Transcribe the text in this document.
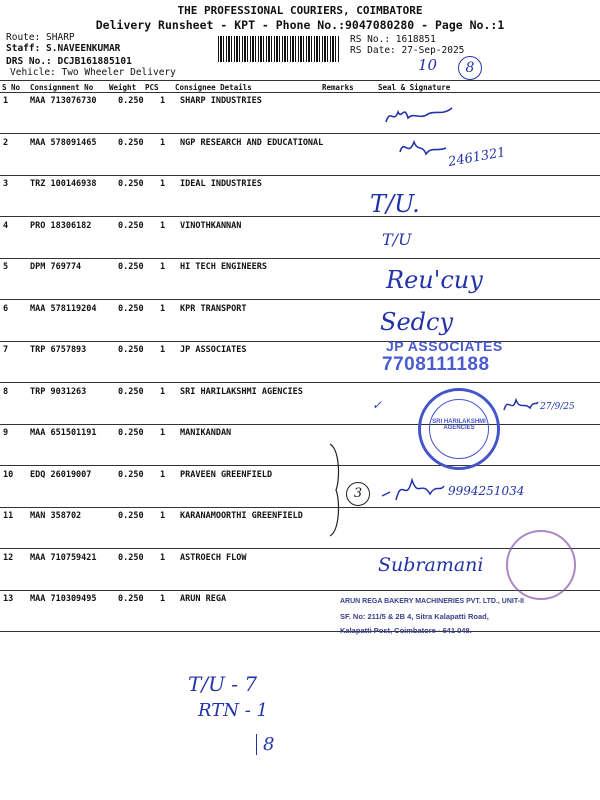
THE PROFESSIONAL COURIERS, COIMBATORE
Delivery Runsheet - KPT - Phone No.:9047080280 - Page No.:1
Route: SHARP
Staff: S.NAVEENKUMAR
DRS No.: DCJB161885101
Vehicle: Two Wheeler Delivery
RS No.: 1618851
RS Date: 27-Sep-2025
10	8
S No Consignment No Weight PCS Consignee Details	Remarks	Seal & Signature
1	MAA 713076730	0.250 1 SHARP INDUSTRIES
2	MAA 578091465	0.250 1 NGP RESEARCH AND EDUCATIONAL
3	TRZ 100146938	0.250 1 IDEAL INDUSTRIES
4	PRO 18306182	0.250 1 VINOTHKANNAN
5	DPM 769774	0.250 1 HI TECH ENGINEERS
6	MAA 578119204	0.250 1 KPR TRANSPORT
7	TRP 6757893	0.250 1 JP ASSOCIATES
8	TRP 9031263	0.250 1 SRI HARILAKSHMI AGENCIES
9	MAA 651501191	0.250 1 MANIKANDAN
10 EDQ 26019007	0.250 1 PRAVEEN GREENFIELD
11 MAN 358702	0.250 1 KARANAMOORTHI GREENFIELD
12 MAA 710759421	0.250 1 ASTROECH FLOW
13 MAA 710309495	0.250 1 ARUN REGA
2461321
T/U.
T/U
Reu'cuy
Sedcy
JP ASSOCIATES
7708111188
SRI HARILAKSHMI AGENCIES
✓	27/9/25
3	9994251034
Subramani
ARUN REGA BAKERY MACHINERIES PVT. LTD., UNIT-II
SF. No: 211/5 & 2B 4, Sitra Kalapatti Road,
Kalapatti Post, Coimbatore - 641 048.
T/U - 7
RTN - 1
8
